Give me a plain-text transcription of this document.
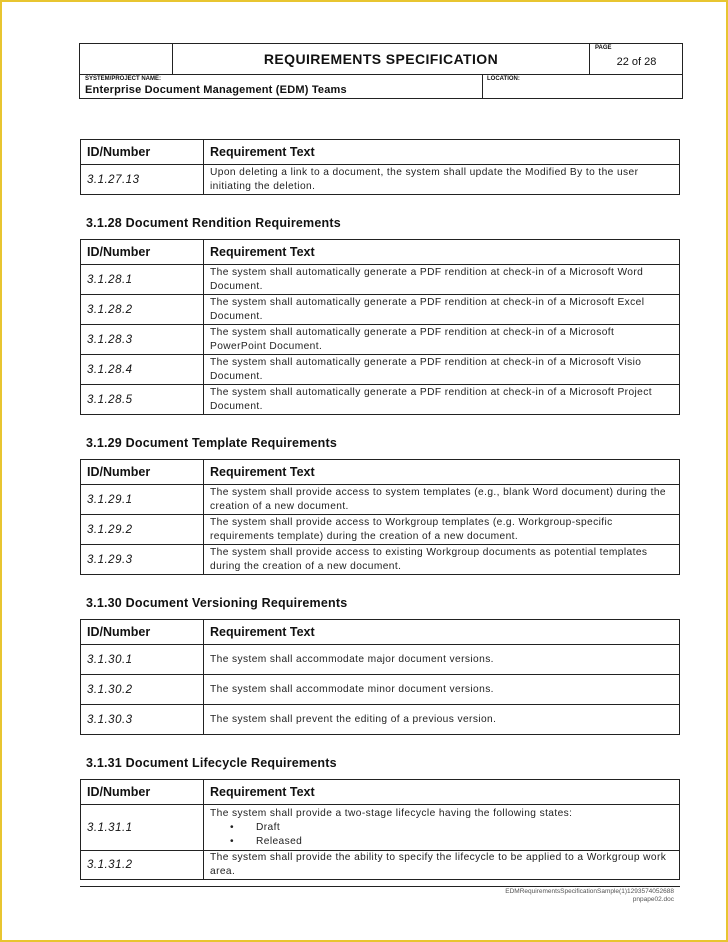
REQUIREMENTS SPECIFICATION
PAGE
22 of 28
SYSTEM/PROJECT NAME:
Enterprise Document Management (EDM) Teams
LOCATION:
ID/Number	Requirement Text
3.1.27.13	Upon deleting a link to a document, the system shall update the Modified By to the user initiating the deletion.
3.1.28 Document Rendition Requirements
ID/Number	Requirement Text
3.1.28.1	The system shall automatically generate a PDF rendition at check-in of a Microsoft Word Document.
3.1.28.2	The system shall automatically generate a PDF rendition at check-in of a Microsoft Excel Document.
3.1.28.3	The system shall automatically generate a PDF rendition at check-in of a Microsoft PowerPoint Document.
3.1.28.4	The system shall automatically generate a PDF rendition at check-in of a Microsoft Visio Document.
3.1.28.5	The system shall automatically generate a PDF rendition at check-in of a Microsoft Project Document.
3.1.29 Document Template Requirements
ID/Number	Requirement Text
3.1.29.1	The system shall provide access to system templates (e.g., blank Word document) during the creation of a new document.
3.1.29.2	The system shall provide access to Workgroup templates (e.g. Workgroup-specific requirements template) during the creation of a new document.
3.1.29.3	The system shall provide access to existing Workgroup documents as potential templates during the creation of a new document.
3.1.30 Document Versioning Requirements
ID/Number	Requirement Text
3.1.30.1	The system shall accommodate major document versions.
3.1.30.2	The system shall accommodate minor document versions.
3.1.30.3	The system shall prevent the editing of a previous version.
3.1.31 Document Lifecycle Requirements
ID/Number	Requirement Text
3.1.31.1	The system shall provide a two-stage lifecycle having the following states:
• Draft
• Released

3.1.31.2	The system shall provide the ability to specify the lifecycle to be applied to a Workgroup work area.
EDMRequirementsSpecificationSample(1)1293574052688
pnpape02.doc
